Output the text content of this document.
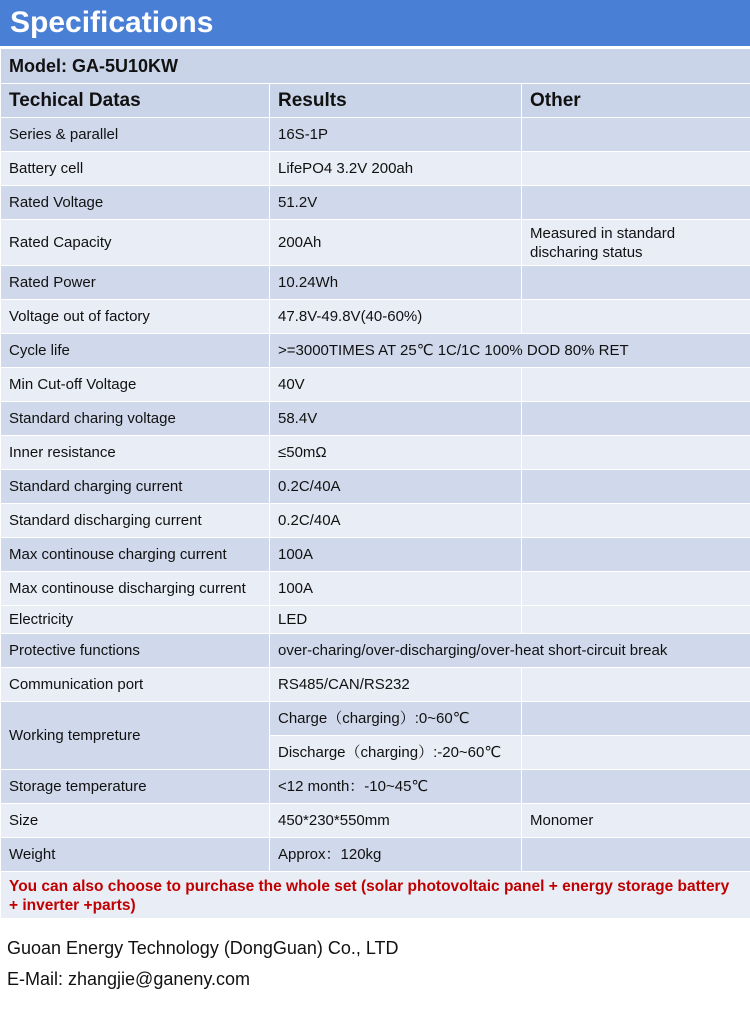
Specifications
Model: GA-5U10KW		
Techical Datas	Results	Other
Series & parallel	16S-1P	
Battery cell	LifePO4 3.2V 200ah	
Rated Voltage	51.2V	
Rated Capacity	200Ah	Measured in standard discharing status
Rated Power	10.24Wh	
Voltage out of factory	47.8V-49.8V(40-60%)	
Cycle life	>=3000TIMES AT 25℃ 1C/1C 100% DOD 80% RET	
Min Cut-off Voltage	40V	
Standard charing voltage	58.4V	
Inner resistance	≤50mΩ	
Standard charging current	0.2C/40A	
Standard discharging current	0.2C/40A	
Max continouse charging current	100A	
Max continouse discharging current	100A	
Electricity	LED	
Protective functions	over-charing/over-discharging/over-heat short-circuit break	
Communication port	RS485/CAN/RS232	
Working tempreture	Charge（charging）:0~60℃	
	Discharge（charging）:-20~60℃	
Storage temperature	<12 month：-10~45℃	
Size	450*230*550mm	Monomer
Weight	Approx：120kg	
You can also choose to purchase the whole set (solar photovoltaic panel + energy storage battery + inverter +parts)		
Guoan Energy Technology (DongGuan) Co., LTD
E-Mail: zhangjie@ganeny.com
